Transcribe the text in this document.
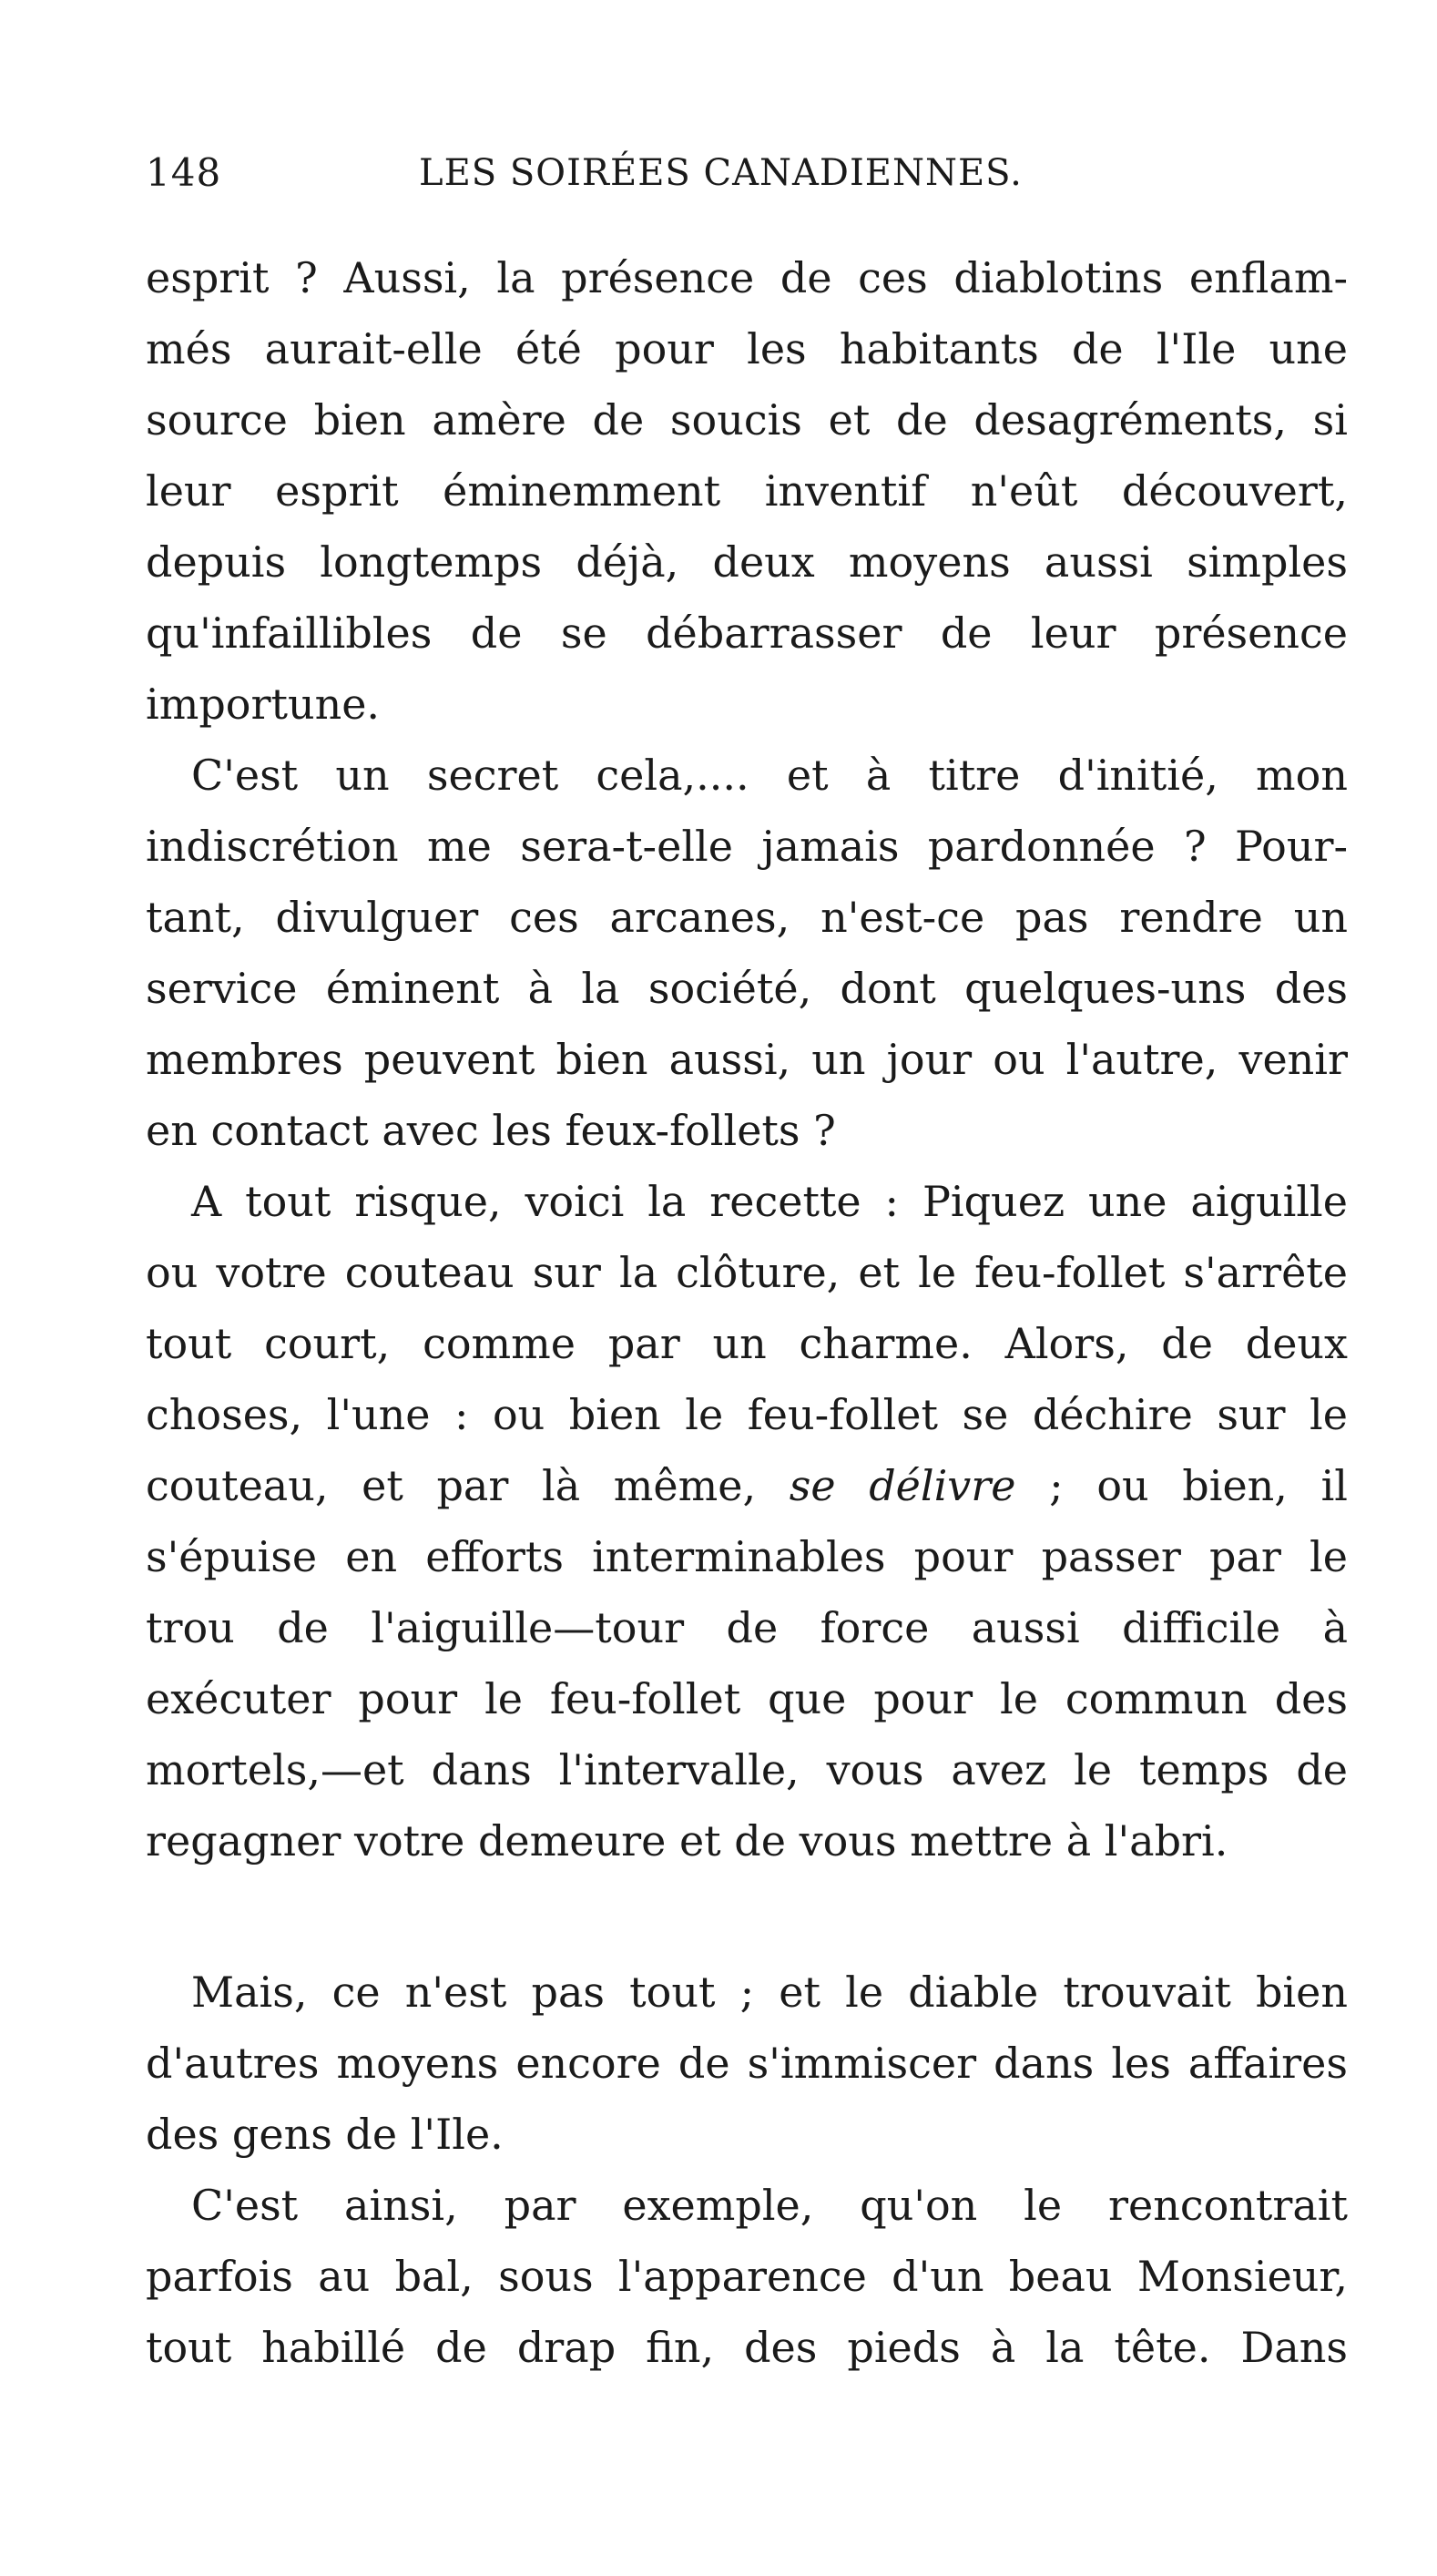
148	LES SOIRÉES CANADIENNES.
esprit ? Aussi, la présence de ces diablotins enflam-
més aurait-elle été pour les habitants de l'Ile une
source bien amère de soucis et de desagréments, si
leur esprit éminemment inventif n'eût découvert,
depuis longtemps déjà, deux moyens aussi simples
qu'infaillibles de se débarrasser de leur présence
importune.
C'est un secret cela,.... et à titre d'initié, mon
indiscrétion me sera-t-elle jamais pardonnée ? Pour-
tant, divulguer ces arcanes, n'est-ce pas rendre un
service éminent à la société, dont quelques-uns des
membres peuvent bien aussi, un jour ou l'autre, venir
en contact avec les feux-follets ?
A tout risque, voici la recette : Piquez une aiguille
ou votre couteau sur la clôture, et le feu-follet s'arrête
tout court, comme par un charme. Alors, de deux
choses, l'une : ou bien le feu-follet se déchire sur le
couteau, et par là même, se délivre ; ou bien, il
s'épuise en efforts interminables pour passer par le
trou de l'aiguille—tour de force aussi difficile à
exécuter pour le feu-follet que pour le commun des
mortels,—et dans l'intervalle, vous avez le temps de
regagner votre demeure et de vous mettre à l'abri.
Mais, ce n'est pas tout ; et le diable trouvait bien
d'autres moyens encore de s'immiscer dans les affaires
des gens de l'Ile.
C'est ainsi, par exemple, qu'on le rencontrait
parfois au bal, sous l'apparence d'un beau Monsieur,
tout habillé de drap fin, des pieds à la tête. Dans
